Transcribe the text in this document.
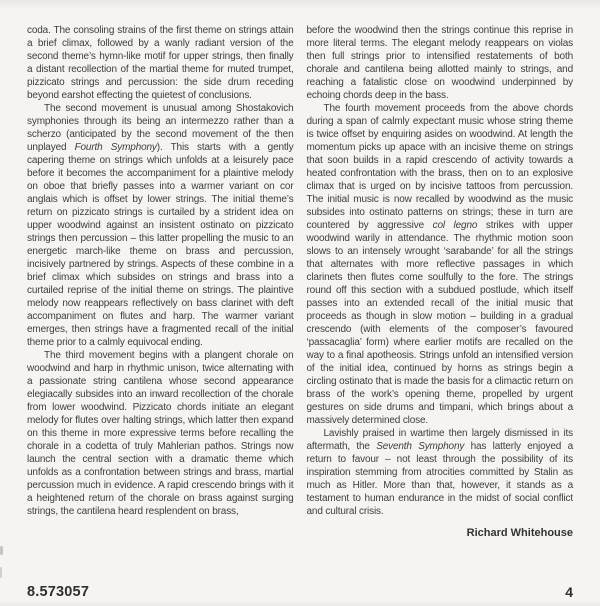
coda. The consoling strains of the first theme on strings attain a brief climax, followed by a wanly radiant version of the second theme’s hymn-like motif for upper strings, then finally a distant recollection of the martial theme for muted trumpet, pizzicato strings and percussion: the side drum receding beyond earshot effecting the quietest of conclusions.

The second movement is unusual among Shostakovich symphonies through its being an intermezzo rather than a scherzo (anticipated by the second movement of the then unplayed Fourth Symphony). This starts with a gently capering theme on strings which unfolds at a leisurely pace before it becomes the accompaniment for a plaintive melody on oboe that briefly passes into a warmer variant on cor anglais which is offset by lower strings. The initial theme’s return on pizzicato strings is curtailed by a strident idea on upper woodwind against an insistent ostinato on pizzicato strings then percussion – this latter propelling the music to an energetic march-like theme on brass and percussion, incisively partnered by strings. Aspects of these combine in a brief climax which subsides on strings and brass into a curtailed reprise of the initial theme on strings. The plaintive melody now reappears reflectively on bass clarinet with deft accompaniment on flutes and harp. The warmer variant emerges, then strings have a fragmented recall of the initial theme prior to a calmly equivocal ending.

The third movement begins with a plangent chorale on woodwind and harp in rhythmic unison, twice alternating with a passionate string cantilena whose second appearance elegiacally subsides into an inward recollection of the chorale from lower woodwind. Pizzicato chords initiate an elegant melody for flutes over halting strings, which latter then expand on this theme in more expressive terms before recalling the chorale in a codetta of truly Mahlerian pathos. Strings now launch the central section with a dramatic theme which unfolds as a confrontation between strings and brass, martial percussion much in evidence. A rapid crescendo brings with it a heightened return of the chorale on brass against surging strings, the cantilena heard resplendent on brass,

before the woodwind then the strings continue this reprise in more literal terms. The elegant melody reappears on violas then full strings prior to intensified restatements of both chorale and cantilena being allotted mainly to strings, and reaching a fatalistic close on woodwind underpinned by echoing chords deep in the bass.

The fourth movement proceeds from the above chords during a span of calmly expectant music whose string theme is twice offset by enquiring asides on woodwind. At length the momentum picks up apace with an incisive theme on strings that soon builds in a rapid crescendo of activity towards a heated confrontation with the brass, then on to an explosive climax that is urged on by incisive tattoos from percussion. The initial music is now recalled by woodwind as the music subsides into ostinato patterns on strings; these in turn are countered by aggressive col legno strikes with upper woodwind warily in attendance. The rhythmic motion soon slows to an intensely wrought ‘sarabande’ for all the strings that alternates with more reflective passages in which clarinets then flutes come soulfully to the fore. The strings round off this section with a subdued postlude, which itself passes into an extended recall of the initial music that proceeds as though in slow motion – building in a gradual crescendo (with elements of the composer’s favoured ‘passacaglia’ form) where earlier motifs are recalled on the way to a final apotheosis. Strings unfold an intensified version of the initial idea, continued by horns as strings begin a circling ostinato that is made the basis for a climactic return on brass of the work’s opening theme, propelled by urgent gestures on side drums and timpani, which brings about a massively determined close.

Lavishly praised in wartime then largely dismissed in its aftermath, the Seventh Symphony has latterly enjoyed a return to favour – not least through the possibility of its inspiration stemming from atrocities committed by Stalin as much as Hitler. More than that, however, it stands as a testament to human endurance in the midst of social conflict and cultural crisis.

Richard Whitehouse
8.573057	4
